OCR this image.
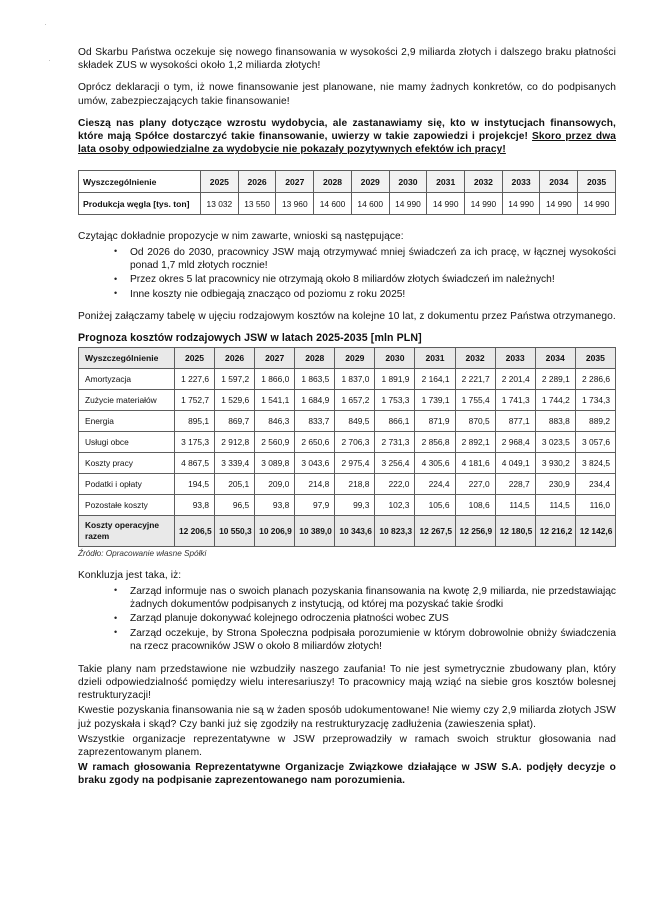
·
·

Od Skarbu Państwa oczekuje się nowego finansowania w wysokości 2,9 miliarda złotych i dalszego braku płatności składek ZUS w wysokości około 1,2 miliarda złotych!

Oprócz deklaracji o tym, iż nowe finansowanie jest planowane, nie mamy żadnych konkretów, co do podpisanych umów, zabezpieczających takie finansowanie!

Cieszą nas plany dotyczące wzrostu wydobycia, ale zastanawiamy się, kto w instytucjach finansowych, które mają Spółce dostarczyć takie finansowanie, uwierzy w takie zapowiedzi i projekcje! Skoro przez dwa lata osoby odpowiedzialne za wydobycie nie pokazały pozytywnych efektów ich pracy!

Wyszczególnienie	2025	2026	2027	2028	2029	2030	2031	2032	2033	2034	2035
Produkcja węgla [tys. ton]	13 032	13 550	13 960	14 600	14 600	14 990	14 990	14 990	14 990	14 990	14 990

Czytając dokładnie propozycje w nim zawarte, wnioski są następujące:

• Od 2026 do 2030, pracownicy JSW mają otrzymywać mniej świadczeń za ich pracę, w łącznej wysokości ponad 1,7 mld złotych rocznie!
• Przez okres 5 lat pracownicy nie otrzymają około 8 miliardów złotych świadczeń im należnych!
• Inne koszty nie odbiegają znacząco od poziomu z roku 2025!

Poniżej załączamy tabelę w ujęciu rodzajowym kosztów na kolejne 10 lat, z dokumentu przez Państwa otrzymanego.

Prognoza kosztów rodzajowych JSW w latach 2025-2035 [mln PLN]
Wyszczególnienie	2025	2026	2027	2028	2029	2030	2031	2032	2033	2034	2035
Amortyzacja	1 227,6	1 597,2	1 866,0	1 863,5	1 837,0	1 891,9	2 164,1	2 221,7	2 201,4	2 289,1	2 286,6
Zużycie materiałów	1 752,7	1 529,6	1 541,1	1 684,9	1 657,2	1 753,3	1 739,1	1 755,4	1 741,3	1 744,2	1 734,3
Energia	895,1	869,7	846,3	833,7	849,5	866,1	871,9	870,5	877,1	883,8	889,2
Usługi obce	3 175,3	2 912,8	2 560,9	2 650,6	2 706,3	2 731,3	2 856,8	2 892,1	2 968,4	3 023,5	3 057,6
Koszty pracy	4 867,5	3 339,4	3 089,8	3 043,6	2 975,4	3 256,4	4 305,6	4 181,6	4 049,1	3 930,2	3 824,5
Podatki i opłaty	194,5	205,1	209,0	214,8	218,8	222,0	224,4	227,0	228,7	230,9	234,4
Pozostałe koszty	93,8	96,5	93,8	97,9	99,3	102,3	105,6	108,6	114,5	114,5	116,0
Koszty operacyjne razem	12 206,5	10 550,3	10 206,9	10 389,0	10 343,6	10 823,3	12 267,5	12 256,9	12 180,5	12 216,2	12 142,6
Źródło: Opracowanie własne Spółki

Konkluzja jest taka, iż:

• Zarząd informuje nas o swoich planach pozyskania finansowania na kwotę 2,9 miliarda, nie przedstawiając żadnych dokumentów podpisanych z instytucją, od której ma pozyskać takie środki
• Zarząd planuje dokonywać kolejnego odroczenia płatności wobec ZUS
• Zarząd oczekuje, by Strona Społeczna podpisała porozumienie w którym dobrowolnie obniży świadczenia na rzecz pracowników JSW o około 8 miliardów złotych!

Takie plany nam przedstawione nie wzbudziły naszego zaufania! To nie jest symetrycznie zbudowany plan, który dzieli odpowiedzialność pomiędzy wielu interesariuszy! To pracownicy mają wziąć na siebie gros kosztów bolesnej restrukturyzacji!

Kwestie pozyskania finansowania nie są w żaden sposób udokumentowane! Nie wiemy czy 2,9 miliarda złotych JSW już pozyskała i skąd? Czy banki już się zgodziły na restrukturyzację zadłużenia (zawieszenia spłat).

Wszystkie organizacje reprezentatywne w JSW przeprowadziły w ramach swoich struktur głosowania nad zaprezentowanym planem.

W ramach głosowania Reprezentatywne Organizacje Związkowe działające w JSW S.A. podjęły decyzje o braku zgody na podpisanie zaprezentowanego nam porozumienia.
